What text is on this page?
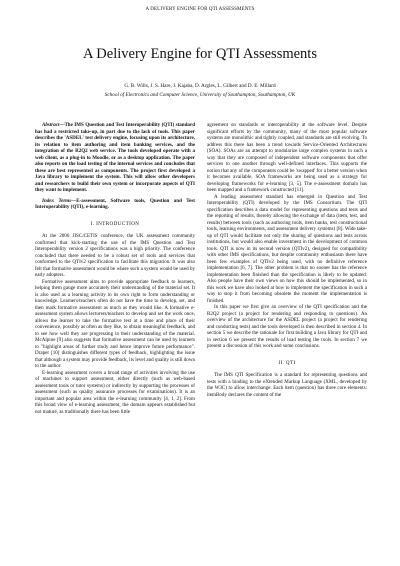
A DELIVERY ENGINE FOR QTI ASSESSMENTS
A Delivery Engine for QTI Assessments
G. B. Wills, J. S. Hare, J. Kajaba, D. Argles, L. Gilbert and D. E. Millard
School of Electronics and Computer Science, University of Southampton, Southampton, UK

Abstract—The IMS Question and Test Interoperability (QTI) standard has had a restricted take-up, in part due to the lack of tools. This paper describes the 'ASDEL' test delivery engine, focusing upon its architecture, its relation to item authoring and item banking services, and the integration of the R2Q2 web service. The tools developed operate with a web client, as a plug-in to Moodle, or as a desktop application. The paper also reports on the load testing of the internal services and concludes that these are best represented as components. The project first developed a Java library to implement the system. This will allow other developers and researchers to build their own system or incorporate aspects of QTI they want to implement.

Index Terms—E-assessment, Software tools, Question and Test Interoperability (QTI), e-learning.

I. INTRODUCTION

At the 2006 JISC/CETIS conference, the UK assessment community confirmed that kick-starting the use of the IMS Question and Test Interoperability version 2 specifications was a high priority. The conference concluded that there needed to be a robust set of tools and services that conformed to the QTIv2 specification to facilitate this migration. It was also felt that formative assessment would be where such a system would be used by early adopters.

Formative assessment aims to provide appropriate feedback to learners, helping them gauge more accurately their understanding of the material set. It is also used as a learning activity in its own right to form understanding or knowledge. Learners/teachers often do not have the time to develop, set, and then mark formative assessment as much as they would like. A formative e-assessment system allows lecturers/teachers to develop and set the work once, allows the learner to take the formative test at a time and place of their convenience, possibly as often as they like, to obtain meaningful feedback, and to see how well they are progressing in their understanding of the material. McAlpine [9] also suggests that formative assessment can be used by learners to "highlight areas of further study and hence improve future performance". Draper [10] distinguishes different types of feedback, highlighting the issue that although a system may provide feedback, its level and quality is still down to the author.

E-learning assessment covers a broad range of activities involving the use of machines to support assessment, either directly (such as web-based assessment tools or tutor systems) or indirectly by supporting the processes of assessment (such as quality assurance processes for examinations). It is an important and popular area within the e-learning community [4, 1, 2]. From this broad view of e-learning assessment, the domain appears established but not mature, as traditionally there has been little

agreement on standards or interoperability at the software level. Despite significant efforts by the community, many of the most popular software systems are monolithic and tightly coupled, and standards are still evolving. To address this there has been a trend towards Service-Oriented Architectures (SOA). SOAs are an attempt to modularize large complex systems in such a way that they are composed of independent software components that offer services to one another through well-defined interfaces. This supports the notion that any of the components could be 'swapped' for a better version when it becomes available. SOA frameworks are being used as a strategy for developing frameworks for e-learning [3, 5]. The e-assessment domain has been mapped and a framework constructed [11].

A leading assessment standard has emerged in Question and Test Interoperability (QTI) developed by the IMS Consortium. The QTI specification describes a data model for representing questions and tests and the reporting of results, thereby allowing the exchange of data (item, test, and results) between tools (such as authoring tools, item banks, test constructional tools, learning environments, and assessment delivery systems) [8]. Wide take-up of QTI would facilitate not only the sharing of questions and tests across institutions, but would also enable investment in the development of common tools. QTI is now in its second version (QTIv2), designed for compatibility with other IMS specifications, but despite community enthusiasm there have been few examples of QTIv2 being used, with no definitive reference implementation [6, 7]. The other problem is that no sooner has the reference implementation been finished than the specification is likely to be updated. Also people have their own views on how this should be implemented, so in this work we have also looked at how to implement the specification in such a way to stop it from becoming obsolete the moment the implementation is finished.

In this paper we first give an overview of the QTI specification and the R2Q2 project (a project for rendering and responding to questions). An overview of the architecture for the ASDEL project (a project for rendering and conducting tests) and the tools developed is then described in section 4. In section 5 we describe the rationale for first building a Java library for QTI and in section 6 we present the results of load testing the tools. In section 7 we present a discussion of this work and some conclusions.

II. QTI

The IMS QTI Specification is a standard for representing questions and tests with a binding to the eXtended Markup Language (XML, developed by the W3C) to allow interchange. Each item (question) has three core elements: itemBody declares the content of the
